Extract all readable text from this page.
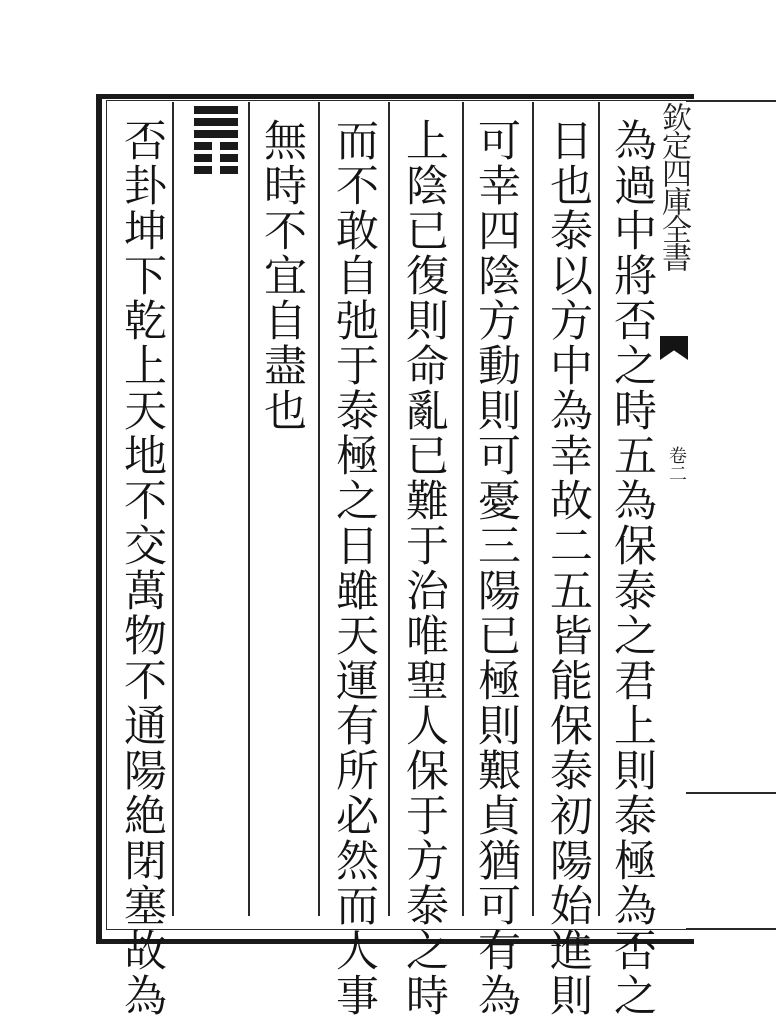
欽定四庫全書
卷二
為過中將否之時五為保泰之君上則泰極為否之
日也泰以方中為幸故二五皆能保泰初陽始進則
可幸四陰方動則可憂三陽已極則艱貞猶可有為
上陰已復則命亂已難于治唯聖人保于方泰之時
而不敢自弛于泰極之日雖天運有所必然而人事
無時不宜自盡也
否卦坤下乾上天地不交萬物不通陽絶閉塞故為
